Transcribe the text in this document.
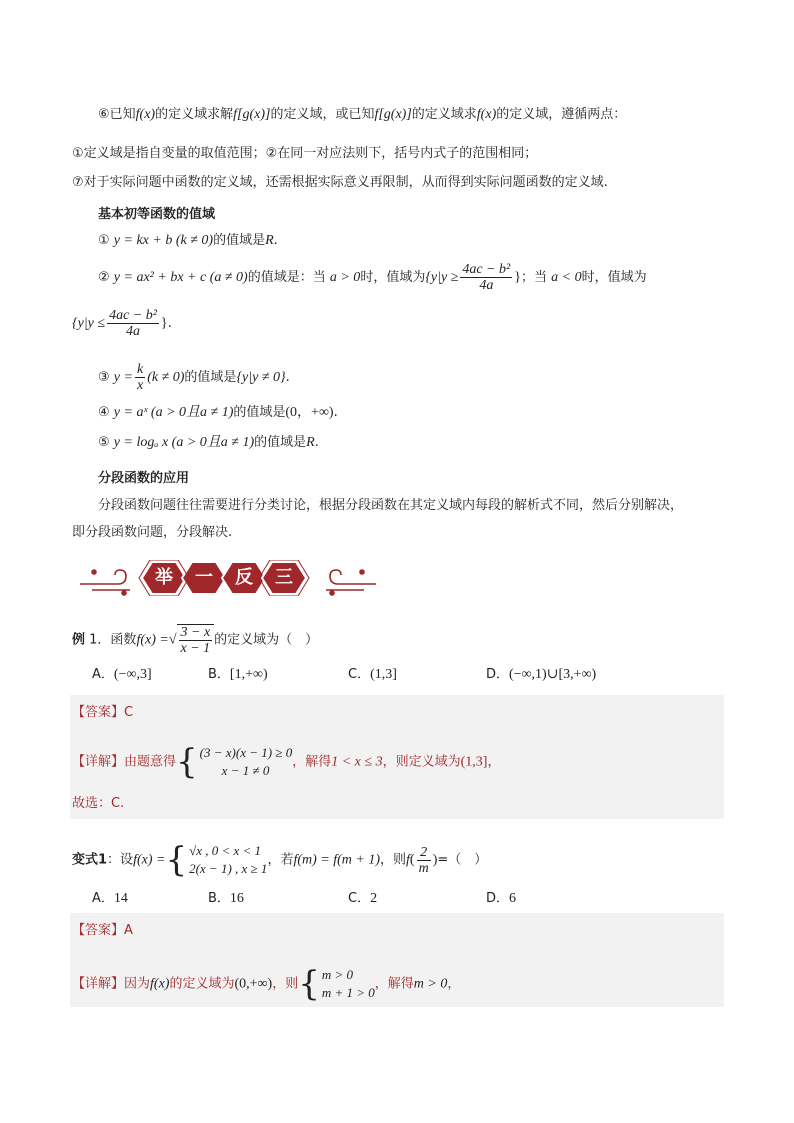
⑥已知f(x)的定义域求解f[g(x)]的定义域，或已知f[g(x)]的定义域求f(x)的定义域，遵循两点：
①定义域是指自变量的取值范围；②在同一对应法则下，括号内式子的范围相同；
⑦对于实际问题中函数的定义域，还需根据实际意义再限制，从而得到实际问题函数的定义域.
基本初等函数的值域
① y = kx + b (k ≠ 0)的值域是R.
② y = ax² + bx + c (a ≠ 0)的值域是：当 a > 0时，值域为{$y|y \ge \frac{\text{4ac − b²}}{4a}$ }；当 a < 0时，值域为
{$y|y \le \frac{\text{4ac − b²}}{4a}$ }.
③ $y = \frac{k}{x} (k \ne 0)$的值域是{y|y ≠ 0}.
④ y = aˣ (a > 0且a ≠ 1)的值域是(0，+∞).
⑤ y = logₐ x (a > 0且a ≠ 1)的值域是R.
分段函数的应用
分段函数问题往往需要进行分类讨论，根据分段函数在其定义域内每段的解析式不同，然后分别解决，
即分段函数问题，分段解决.
举 一 反 三
例 1．函数f(x) =√ $\frac{3 - x}{x - 1}$ 的定义域为（　）
A．(−∞,3]	B．[1,+∞)	C．(1,3]	D．(−∞,1)∪[3,+∞)
【答案】C
【详解】由题意得 { (3 − x)(x − 1) ≥ 0
x − 1 ≠ 0
，解得1 < x ≤ 3，则定义域为(1,3]，
故选：C.
变式1：设f(x) = { √x , 0 < x < 1
2(x − 1) , x ≥ 1
，若f(m) = f(m + 1)，则$f( \frac{2}{m}$ )=（　）
A．14	B．16	C．2	D．6
【答案】A
【详解】因为f(x)的定义域为(0,+∞)，则 { m > 0
m + 1 > 0
，解得m > 0，
